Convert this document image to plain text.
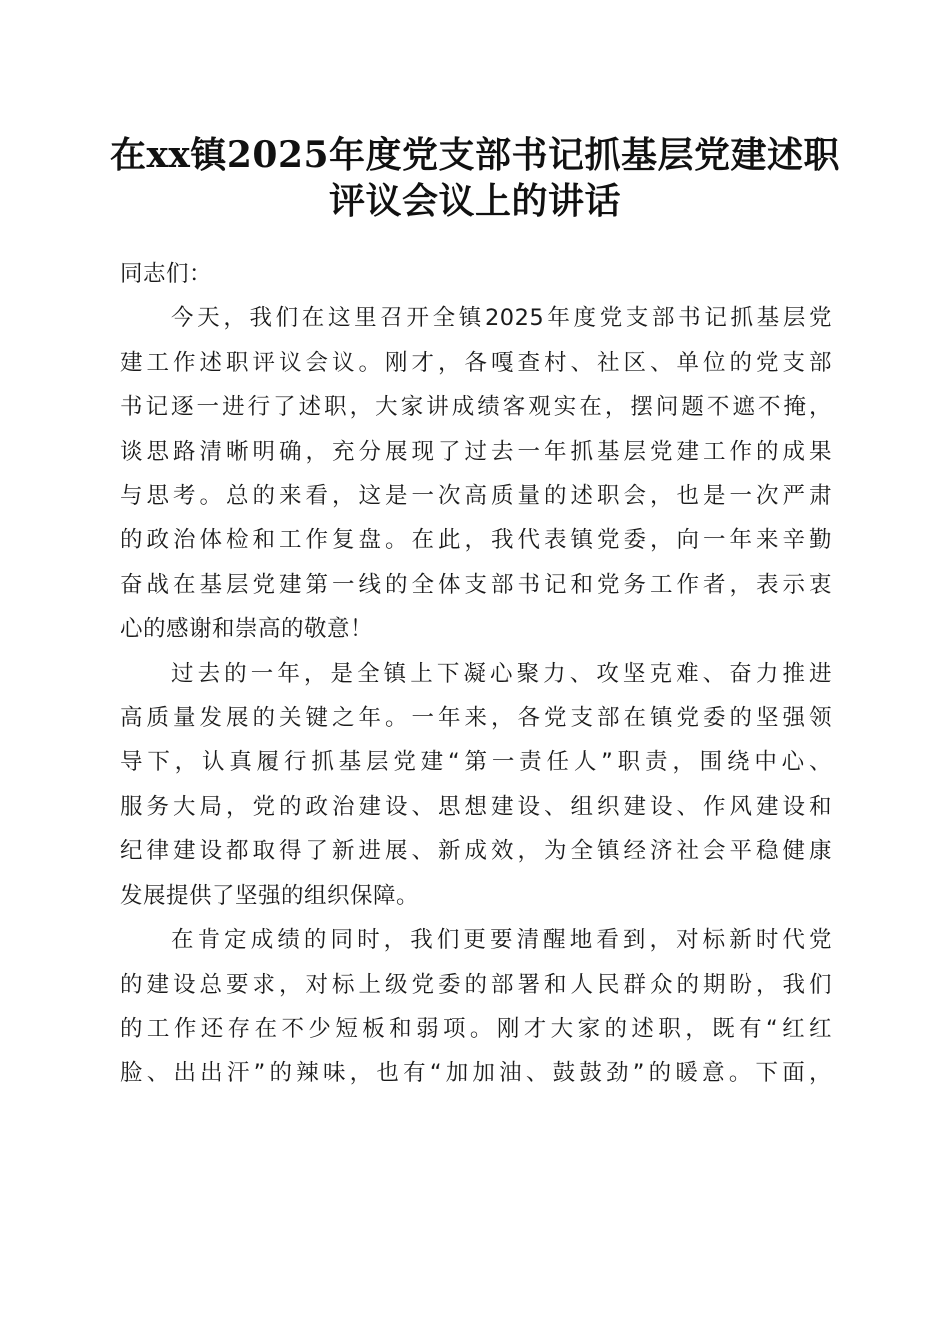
在xx镇2025年度党支部书记抓基层党建述职
评议会议上的讲话

同志们：

今天，我们在这里召开全镇2025年度党支部书记抓基层党
建工作述职评议会议。刚才，各嘎查村、社区、单位的党支部
书记逐一进行了述职，大家讲成绩客观实在，摆问题不遮不掩，
谈思路清晰明确，充分展现了过去一年抓基层党建工作的成果
与思考。总的来看，这是一次高质量的述职会，也是一次严肃
的政治体检和工作复盘。在此，我代表镇党委，向一年来辛勤
奋战在基层党建第一线的全体支部书记和党务工作者，表示衷
心的感谢和崇高的敬意！

过去的一年，是全镇上下凝心聚力、攻坚克难、奋力推进
高质量发展的关键之年。一年来，各党支部在镇党委的坚强领
导下，认真履行抓基层党建“第一责任人”职责，围绕中心、
服务大局，党的政治建设、思想建设、组织建设、作风建设和
纪律建设都取得了新进展、新成效，为全镇经济社会平稳健康
发展提供了坚强的组织保障。

在肯定成绩的同时，我们更要清醒地看到，对标新时代党
的建设总要求，对标上级党委的部署和人民群众的期盼，我们
的工作还存在不少短板和弱项。刚才大家的述职，既有“红红
脸、出出汗”的辣味，也有“加加油、鼓鼓劲”的暖意。下面，
